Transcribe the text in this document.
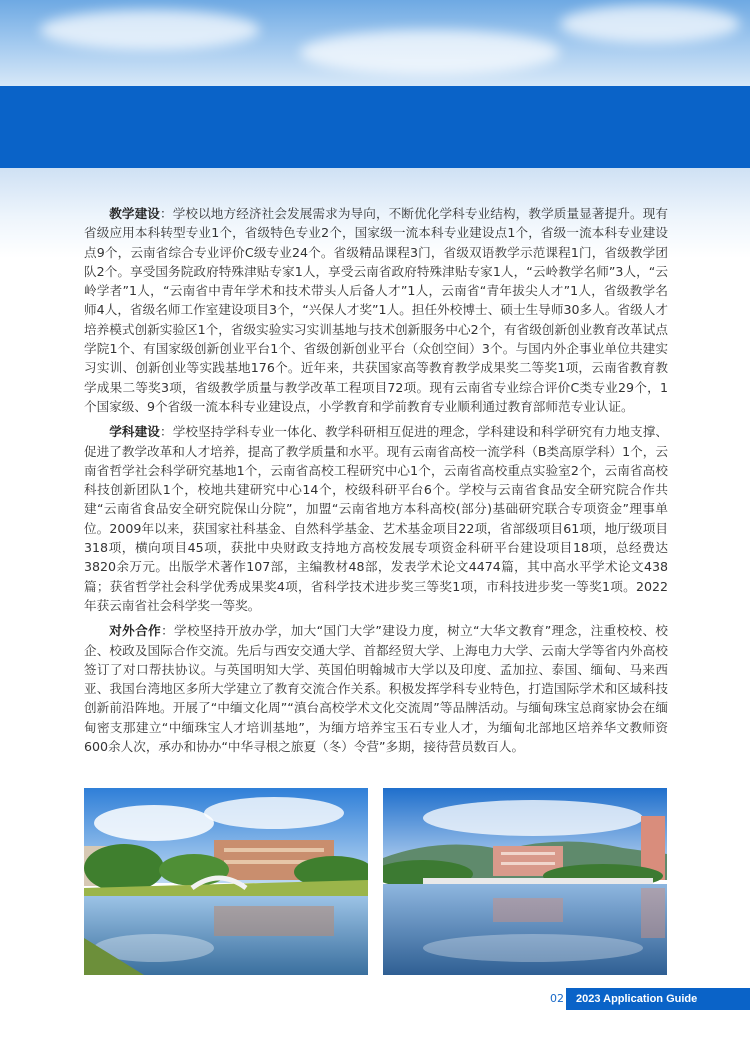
教学建设：学校以地方经济社会发展需求为导向，不断优化学科专业结构，教学质量显著提升。现有省级应用本科转型专业1个，省级特色专业2个，国家级一流本科专业建设点1个，省级一流本科专业建设点9个，云南省综合专业评价C级专业24个。省级精品课程3门，省级双语教学示范课程1门，省级教学团队2个。享受国务院政府特殊津贴专家1人，享受云南省政府特殊津贴专家1人，“云岭教学名师”3人，“云岭学者”1人，“云南省中青年学术和技术带头人后备人才”1人，云南省“青年拔尖人才”1人，省级教学名师4人，省级名师工作室建设项目3个，“兴保人才奖”1人。担任外校博士、硕士生导师30多人。省级人才培养模式创新实验区1个，省级实验实习实训基地与技术创新服务中心2个，有省级创新创业教育改革试点学院1个、有国家级创新创业平台1个、省级创新创业平台（众创空间）3个。与国内外企事业单位共建实习实训、创新创业等实践基地176个。近年来，共获国家高等教育教学成果奖二等奖1项，云南省教育教学成果二等奖3项，省级教学质量与教学改革工程项目72项。现有云南省专业综合评价C类专业29个，1个国家级、9个省级一流本科专业建设点，小学教育和学前教育专业顺利通过教育部师范专业认证。

学科建设：学校坚持学科专业一体化、教学科研相互促进的理念，学科建设和科学研究有力地支撑、促进了教学改革和人才培养，提高了教学质量和水平。现有云南省高校一流学科（B类高原学科）1个，云南省哲学社会科学研究基地1个，云南省高校工程研究中心1个，云南省高校重点实验室2个，云南省高校科技创新团队1个，校地共建研究中心14个，校级科研平台6个。学校与云南省食品安全研究院合作共建“云南省食品安全研究院保山分院”，加盟“云南省地方本科高校(部分)基础研究联合专项资金”理事单位。2009年以来，获国家社科基金、自然科学基金、艺术基金项目22项，省部级项目61项，地厅级项目318项，横向项目45项，获批中央财政支持地方高校发展专项资金科研平台建设项目18项，总经费达3820余万元。出版学术著作107部，主编教材48部，发表学术论文4474篇，其中高水平学术论文438篇；获省哲学社会科学优秀成果奖4项，省科学技术进步奖三等奖1项，市科技进步奖一等奖1项。2022年获云南省社会科学奖一等奖。

对外合作：学校坚持开放办学，加大“国门大学”建设力度，树立“大华文教育”理念，注重校校、校企、校政及国际合作交流。先后与西安交通大学、首都经贸大学、上海电力大学、云南大学等省内外高校签订了对口帮扶协议。与英国明知大学、英国伯明翰城市大学以及印度、孟加拉、泰国、缅甸、马来西亚、我国台湾地区多所大学建立了教育交流合作关系。积极发挥学科专业特色，打造国际学术和区域科技创新前沿阵地。开展了“中缅文化周”“滇台高校学术文化交流周”等品牌活动。与缅甸珠宝总商家协会在缅甸密支那建立“中缅珠宝人才培训基地”，为缅方培养宝玉石专业人才，为缅甸北部地区培养华文教师资600余人次，承办和协办“中华寻根之旅夏（冬）令营”多期，接待营员数百人。

02	2023 Application Guide
